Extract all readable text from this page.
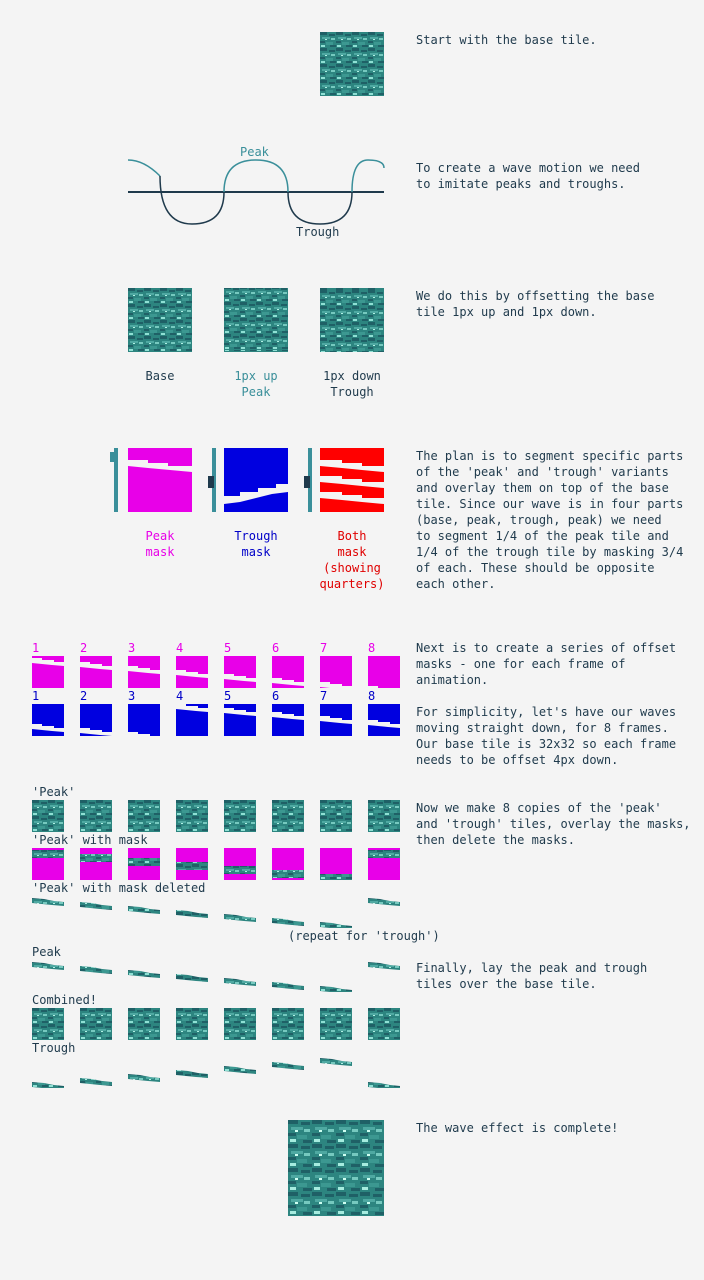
Start with the base tile.
Peak
Trough
To create a wave motion we need
to imitate peaks and troughs.
Base	1px up
Peak
1px down
Trough
We do this by offsetting the base
tile 1px up and 1px down.
Peak
mask
Trough
mask
Both
mask
(showing
quarters)
The plan is to segment specific parts
of the 'peak' and 'trough' variants
and overlay them on top of the base
tile. Since our wave is in four parts
(base, peak, trough, peak) we need
to segment 1/4 of the peak tile and
1/4 of the trough tile by masking 3/4
of each. These should be opposite
each other.
Next is to create a series of offset
masks - one for each frame of
animation.
For simplicity, let's have our waves
moving straight down, for 8 frames.
Our base tile is 32x32 so each frame
needs to be offset 4px down.
'Peak'
'Peak' with mask
'Peak' with mask deleted
(repeat for 'trough')
Peak
Combined!
Trough
Now we make 8 copies of the 'peak'
and 'trough' tiles, overlay the masks,
then delete the masks.
Finally, lay the peak and trough
tiles over the base tile.
The wave effect is complete!
1
1
2
2
3
3
4
4
5
5
6
6
7
7
8
8
